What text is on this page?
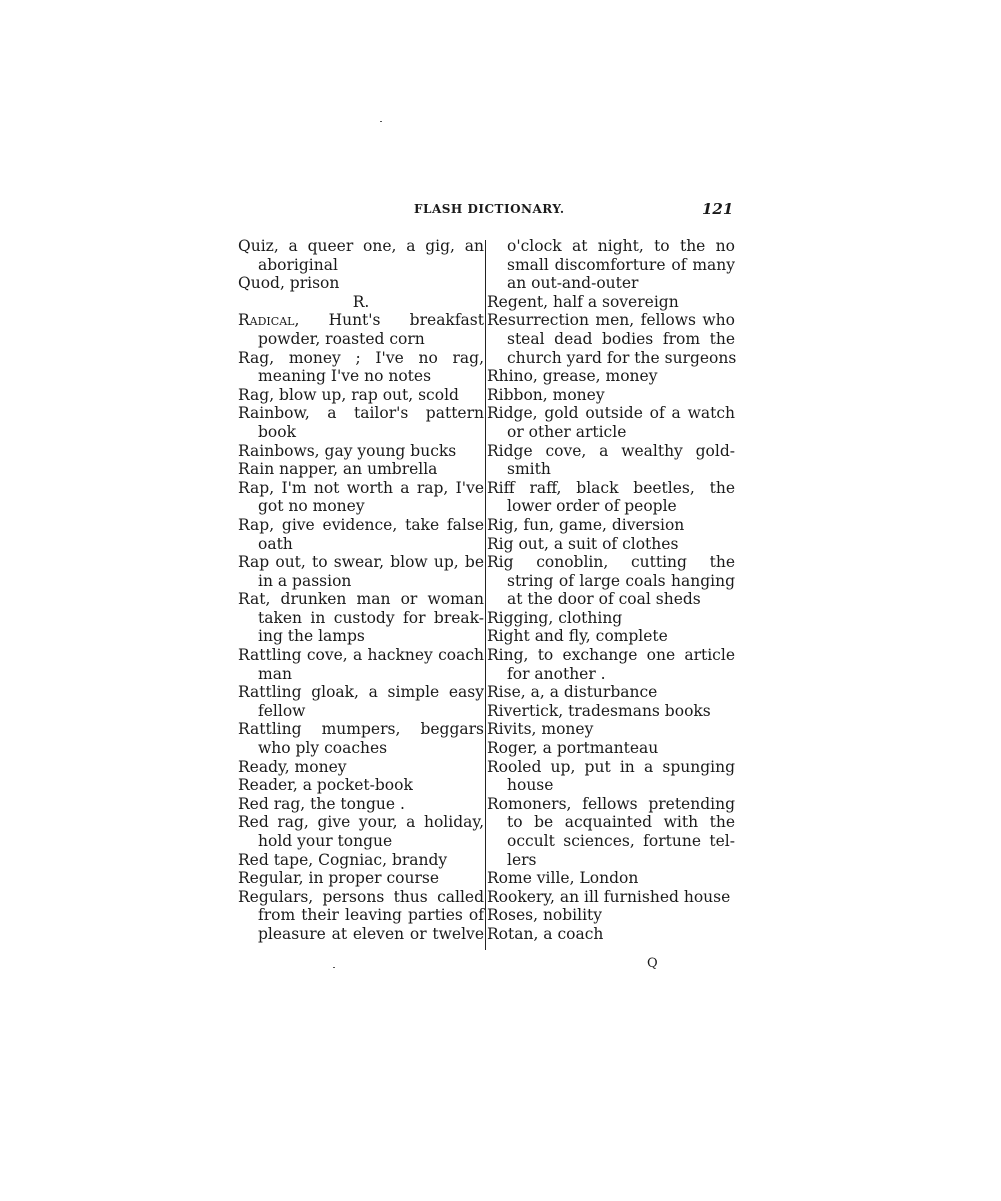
FLASH DICTIONARY.	121
Quiz, a queer one, a gig, an
aboriginal
Quod, prison
R.
Radical, Hunt's breakfast
powder, roasted corn
Rag, money ; I've no rag,
meaning I've no notes
Rag, blow up, rap out, scold
Rainbow, a tailor's pattern
book
Rainbows, gay young bucks
Rain napper, an umbrella
Rap, I'm not worth a rap, I've
got no money
Rap, give evidence, take false
oath
Rap out, to swear, blow up, be
in a passion
Rat, drunken man or woman
taken in custody for break-
ing the lamps
Rattling cove, a hackney coach
man
Rattling gloak, a simple easy
fellow
Rattling mumpers, beggars
who ply coaches
Ready, money
Reader, a pocket-book
Red rag, the tongue .
Red rag, give your, a holiday,
hold your tongue
Red tape, Cogniac, brandy
Regular, in proper course
Regulars, persons thus called
from their leaving parties of
pleasure at eleven or twelve
o'clock at night, to the no
small discomforture of many
an out-and-outer
Regent, half a sovereign
Resurrection men, fellows who
steal dead bodies from the
church yard for the surgeons
Rhino, grease, money
Ribbon, money
Ridge, gold outside of a watch
or other article
Ridge cove, a wealthy gold-
smith
Riff raff, black beetles, the
lower order of people
Rig, fun, game, diversion
Rig out, a suit of clothes
Rig conoblin, cutting the
string of large coals hanging
at the door of coal sheds
Rigging, clothing
Right and fly, complete
Ring, to exchange one article
for another .
Rise, a, a disturbance
Rivertick, tradesmans books
Rivits, money
Roger, a portmanteau
Rooled up, put in a spunging
house
Romoners, fellows pretending
to be acquainted with the
occult sciences, fortune tel-
lers
Rome ville, London
Rookery, an ill furnished house
Roses, nobility
Rotan, a coach
Q
